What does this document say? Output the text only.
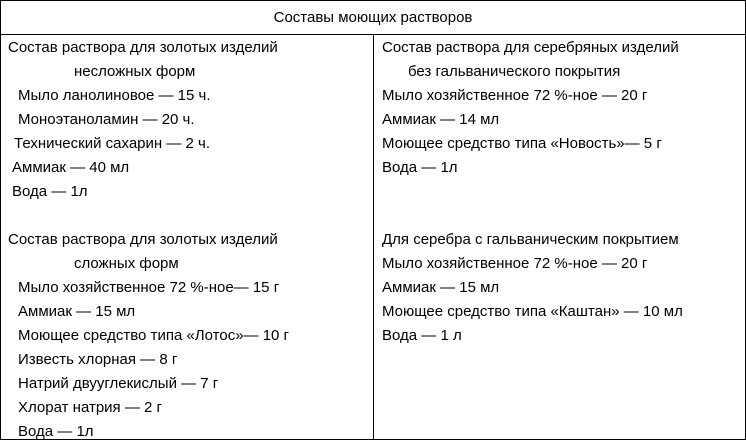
Составы моющих растворов
Состав раствора для золотых изделий
несложных форм
Мыло ланолиновое — 15 ч.
Моноэтаноламин — 20 ч.
Технический сахарин — 2 ч.
Аммиак — 40 мл
Вода — 1л
Состав раствора для золотых изделий
сложных форм
Мыло хозяйственное 72 %-ное— 15 г
Аммиак — 15 мл
Моющее средство типа «Лотос»— 10 г
Известь хлорная — 8 г
Натрий двууглекислый — 7 г
Хлорат натрия — 2 г
Вода — 1л
Состав раствора для серебряных изделий
без гальванического покрытия
Мыло хозяйственное 72 %-ное — 20 г
Аммиак — 14 мл
Моющее средство типа «Новость»— 5 г
Вода — 1л
Для серебра с гальваническим покрытием
Мыло хозяйственное 72 %-ное — 20 г
Аммиак — 15 мл
Моющее средство типа «Каштан» — 10 мл
Вода — 1 л
